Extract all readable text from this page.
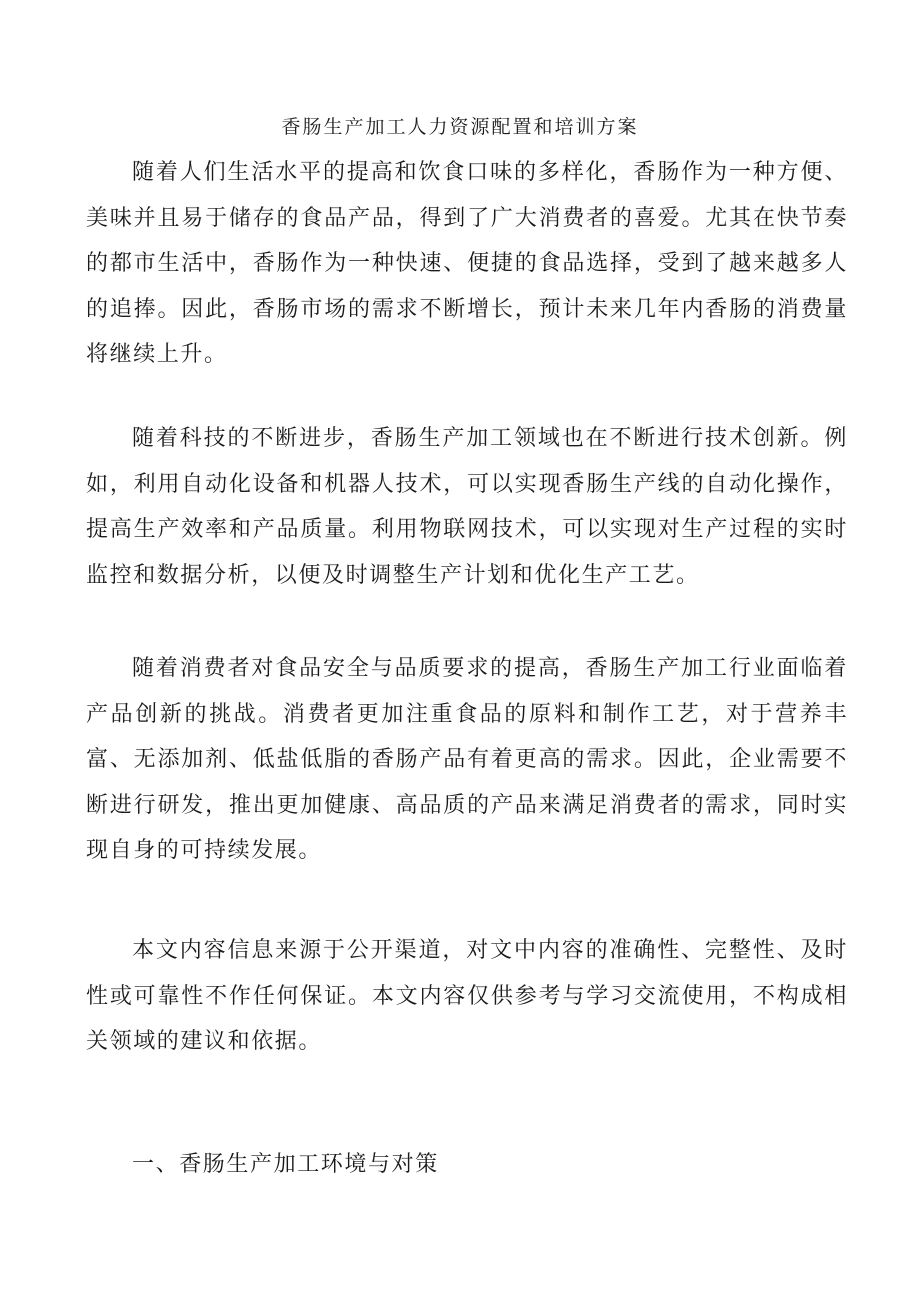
香肠生产加工人力资源配置和培训方案

随着人们生活水平的提高和饮食口味的多样化，香肠作为一种方便、美味并且易于储存的食品产品，得到了广大消费者的喜爱。尤其在快节奏的都市生活中，香肠作为一种快速、便捷的食品选择，受到了越来越多人的追捧。因此，香肠市场的需求不断增长，预计未来几年内香肠的消费量将继续上升。

随着科技的不断进步，香肠生产加工领域也在不断进行技术创新。例如，利用自动化设备和机器人技术，可以实现香肠生产线的自动化操作，提高生产效率和产品质量。利用物联网技术，可以实现对生产过程的实时监控和数据分析，以便及时调整生产计划和优化生产工艺。

随着消费者对食品安全与品质要求的提高，香肠生产加工行业面临着产品创新的挑战。消费者更加注重食品的原料和制作工艺，对于营养丰富、无添加剂、低盐低脂的香肠产品有着更高的需求。因此，企业需要不断进行研发，推出更加健康、高品质的产品来满足消费者的需求，同时实现自身的可持续发展。

本文内容信息来源于公开渠道，对文中内容的准确性、完整性、及时性或可靠性不作任何保证。本文内容仅供参考与学习交流使用，不构成相关领域的建议和依据。

一、香肠生产加工环境与对策
